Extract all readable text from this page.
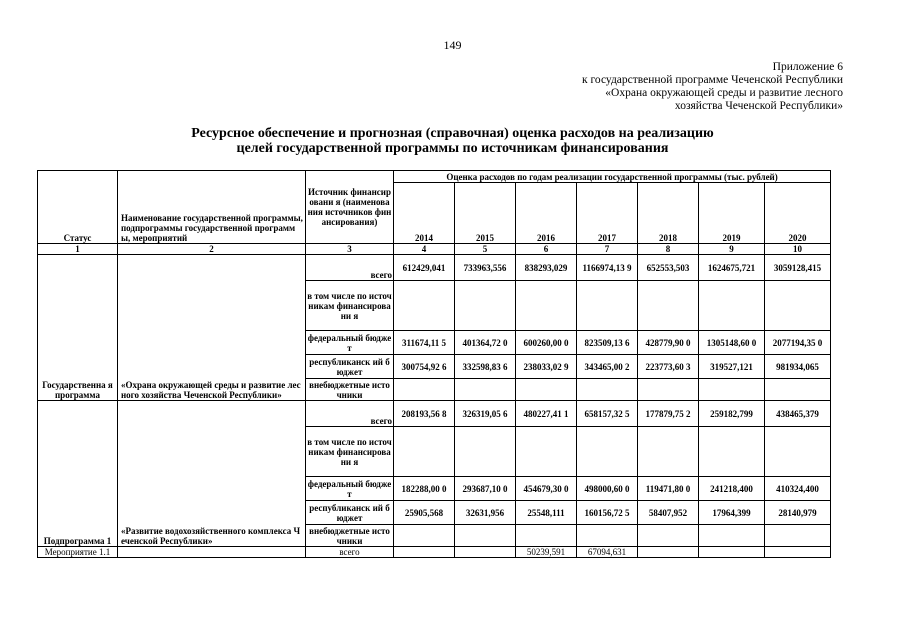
149
Приложение 6
к государственной программе Чеченской Республики
«Охрана окружающей среды и развитие лесного
хозяйства Чеченской Республики»
Ресурсное обеспечение и прогнозная (справочная) оценка расходов на реализацию
целей государственной программы по источникам финансирования
Статус	Наименование государственной программы, подпрограммы государственной программы, мероприятий	Источник финансировани я (наименования источников финансирования)	Оценка расходов по годам реализации государственной программы (тыс. рублей)						
			2014	2015	2016	2017	2018	2019	2020
1	2	3	4	5	6	7	8	9	10
Государственна я программа	«Охрана окружающей среды и развитие лесного хозяйства Чеченской Республики»	всего	612429,041	733963,556	838293,029	1166974,13 9	652553,503	1624675,721	3059128,415
		в том числе по источникам финансировани я							
		федеральный бюджет	311674,11 5	401364,72 0	600260,00 0	823509,13 6	428779,90 0	1305148,60 0	2077194,35 0
		республиканск ий бюджет	300754,92 6	332598,83 6	238033,02 9	343465,00 2	223773,60 3	319527,121	981934,065
		внебюджетные источники							
Подпрограмма 1	«Развитие водохозяйственного комплекса Чеченской Республики»	всего	208193,56 8	326319,05 6	480227,41 1	658157,32 5	177879,75 2	259182,799	438465,379
		в том числе по источникам финансировани я							
		федеральный бюджет	182288,00 0	293687,10 0	454679,30 0	498000,60 0	119471,80 0	241218,400	410324,400
		республиканск ий бюджет	25905,568	32631,956	25548,111	160156,72 5	58407,952	17964,399	28140,979
		внебюджетные источники							
Мероприятие 1.1		всего			50239,591	67094,631			
